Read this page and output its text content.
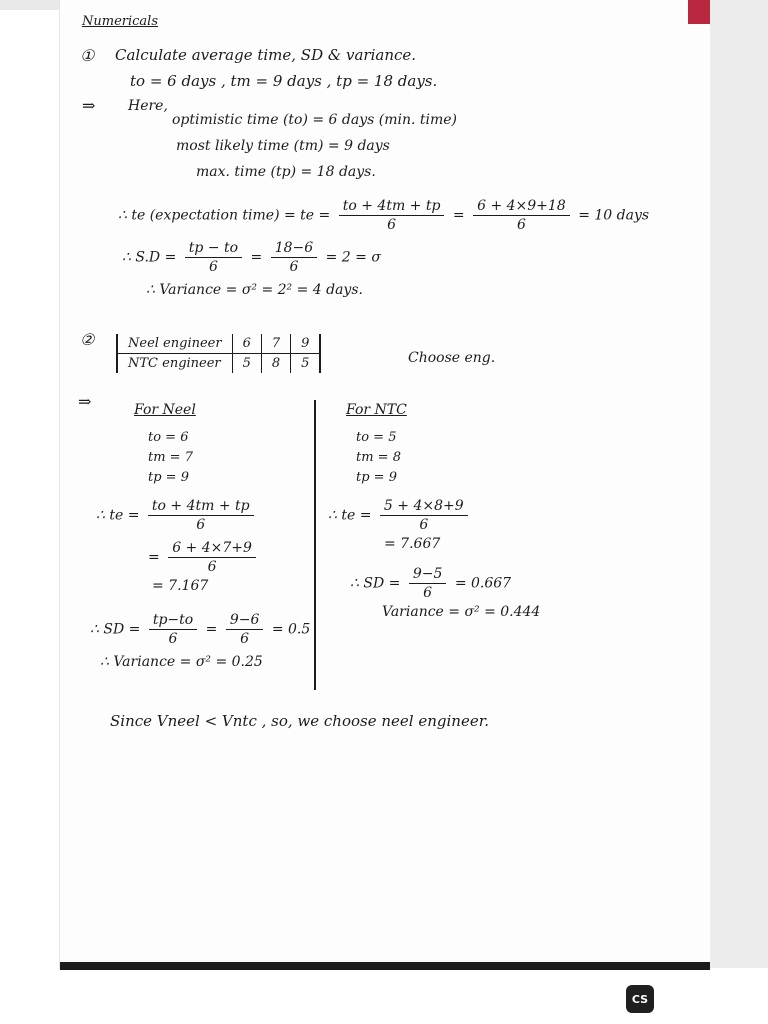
Numericals
① Calculate average time, SD & variance.
to = 6 days , tm = 9 days , tp = 18 days.
⇒ Here,
optimistic time (to) = 6 days (min. time)
most likely time (tm) = 9 days
max. time (tp) = 18 days.
∴ te (expectation time) = te = $\frac{to + 4tm + tp}{6} = \frac{6 + 4\times 9+18}{6} = 10$ days
∴ $S.D = \frac{tp - to}{6} = \frac{18-6}{6} = 2 = \sigma$
∴ Variance = σ² = 2² = 4 days.
②	Neel engineer	6	7	9
NTC engineer	5	8	5	Choose eng.
⇒	For Neel
to = 6
tm = 7
tp = 9
∴ te = $\frac{to + 4tm + tp}{6}$
= $\frac{6 + 4\times 7+9}{6}$
= 7.167
∴ SD = $\frac{tp-to}{6} = \frac{9-6}{6} = 0.5$
∴ Variance = σ² = 0.25
For NTC
to = 5
tm = 8
tp = 9
∴ te = $\frac{5 + 4\times 8+9}{6}$
= 7.667
∴ SD = $\frac{9-5}{6} = 0.667$
Variance = σ² = 0.444
Since Vneel < Vntc , so, we choose neel engineer.
CS
